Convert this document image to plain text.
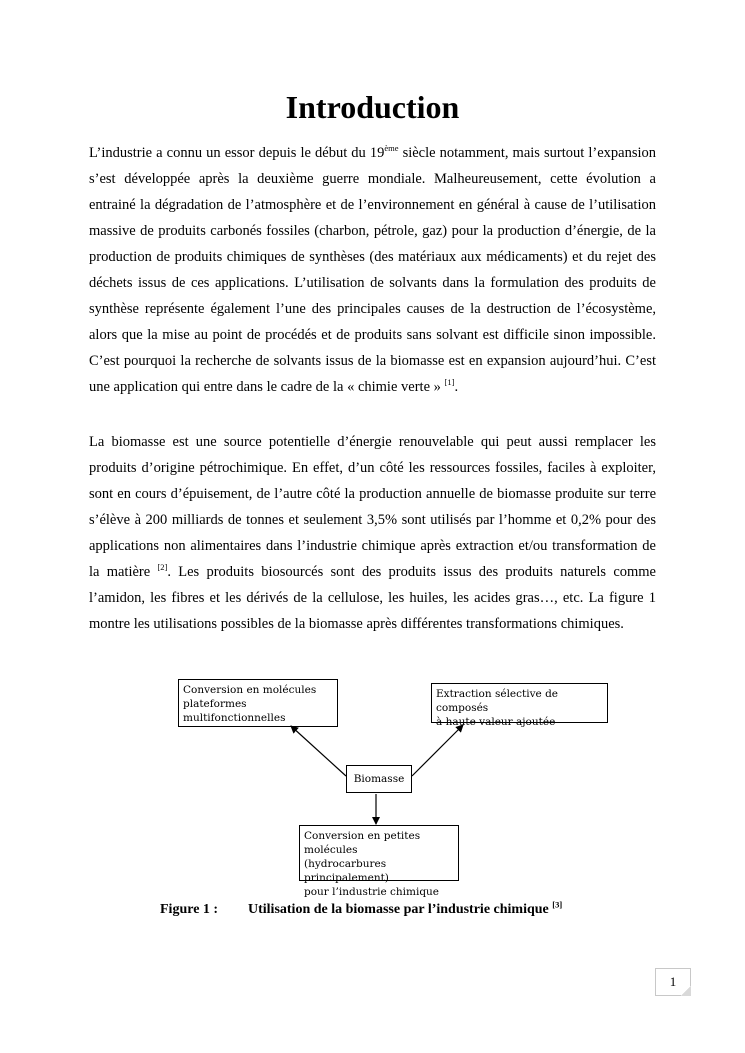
Introduction

L’industrie a connu un essor depuis le début du 19ème siècle notamment, mais surtout l’expansion s’est développée après la deuxième guerre mondiale. Malheureusement, cette évolution a entrainé la dégradation de l’atmosphère et de l’environnement en général à cause de l’utilisation massive de produits carbonés fossiles (charbon, pétrole, gaz) pour la production d’énergie, de la production de produits chimiques de synthèses (des matériaux aux médicaments) et du rejet des déchets issus de ces applications. L’utilisation de solvants dans la formulation des produits de synthèse représente également l’une des principales causes de la destruction de l’écosystème, alors que la mise au point de procédés et de produits sans solvant est difficile sinon impossible. C’est pourquoi la recherche de solvants issus de la biomasse est en expansion aujourd’hui. C’est une application qui entre dans le cadre de la « chimie verte » [1].

La biomasse est une source potentielle d’énergie renouvelable qui peut aussi remplacer les produits d’origine pétrochimique. En effet, d’un côté les ressources fossiles, faciles à exploiter, sont en cours d’épuisement, de l’autre côté la production annuelle de biomasse produite sur terre s’élève à 200 milliards de tonnes et seulement 3,5% sont utilisés par l’homme et 0,2% pour des applications non alimentaires dans l’industrie chimique après extraction et/ou transformation de la matière [2]. Les produits biosourcés sont des produits issus des produits naturels comme l’amidon, les fibres et les dérivés de la cellulose, les huiles, les acides gras…, etc. La figure 1 montre les utilisations possibles de la biomasse après différentes transformations chimiques.

Conversion en molécules
plateformes multifonctionnelles
Extraction sélective de composés
à haute valeur ajoutée
Biomasse
Conversion en petites molécules
(hydrocarbures principalement)
pour l’industrie chimique
Figure 1 : Utilisation de la biomasse par l’industrie chimique [3]
1
